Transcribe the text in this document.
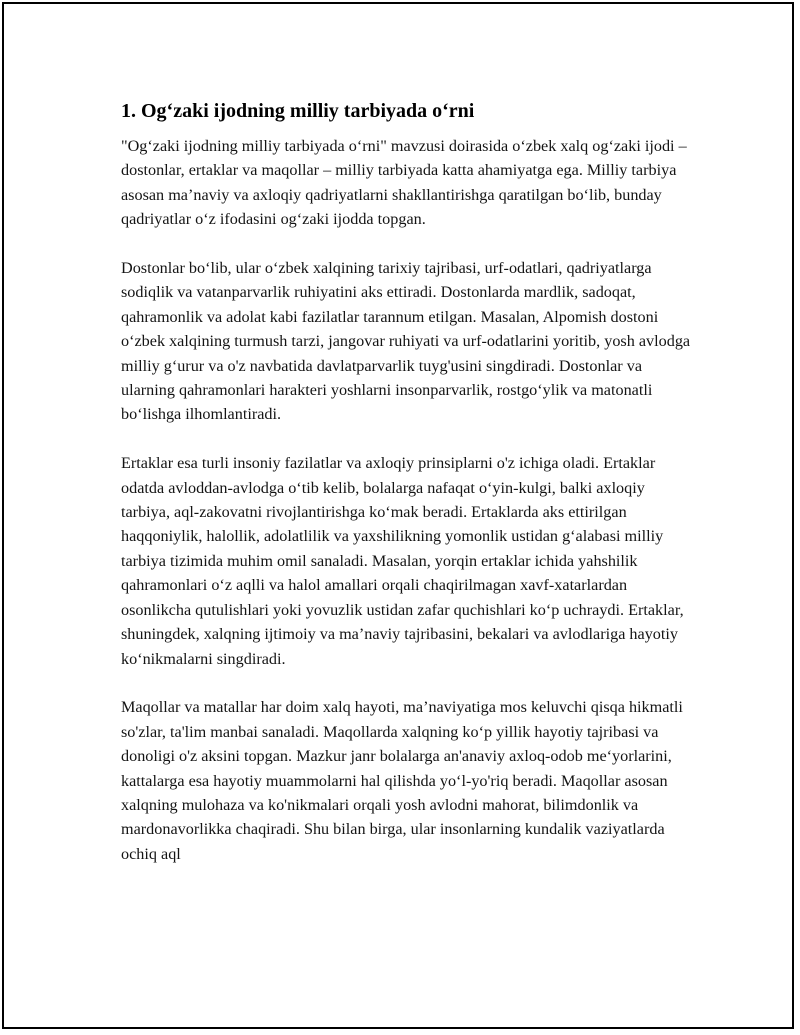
1. Og‘zaki ijodning milliy tarbiyada o‘rni

"Og‘zaki ijodning milliy tarbiyada o‘rni" mavzusi doirasida o‘zbek xalq og‘zaki ijodi – dostonlar, ertaklar va maqollar – milliy tarbiyada katta ahamiyatga ega. Milliy tarbiya asosan ma’naviy va axloqiy qadriyatlarni shakllantirishga qaratilgan bo‘lib, bunday qadriyatlar o‘z ifodasini og‘zaki ijodda topgan.

Dostonlar bo‘lib, ular o‘zbek xalqining tarixiy tajribasi, urf-odatlari, qadriyatlarga sodiqlik va vatanparvarlik ruhiyatini aks ettiradi. Dostonlarda mardlik, sadoqat, qahramonlik va adolat kabi fazilatlar tarannum etilgan. Masalan, Alpomish dostoni o‘zbek xalqining turmush tarzi, jangovar ruhiyati va urf-odatlarini yoritib, yosh avlodga milliy g‘urur va o'z navbatida davlatparvarlik tuyg'usini singdiradi. Dostonlar va ularning qahramonlari harakteri yoshlarni insonparvarlik, rostgo‘ylik va matonatli bo‘lishga ilhomlantiradi.

Ertaklar esa turli insoniy fazilatlar va axloqiy prinsiplarni o'z ichiga oladi. Ertaklar odatda avloddan-avlodga o‘tib kelib, bolalarga nafaqat o‘yin-kulgi, balki axloqiy tarbiya, aql-zakovatni rivojlantirishga ko‘mak beradi. Ertaklarda aks ettirilgan haqqoniylik, halollik, adolatlilik va yaxshilikning yomonlik ustidan g‘alabasi milliy tarbiya tizimida muhim omil sanaladi. Masalan, yorqin ertaklar ichida yahshilik qahramonlari o‘z aqlli va halol amallari orqali chaqirilmagan xavf-xatarlardan osonlikcha qutulishlari yoki yovuzlik ustidan zafar quchishlari ko‘p uchraydi. Ertaklar, shuningdek, xalqning ijtimoiy va ma’naviy tajribasini, bekalari va avlodlariga hayotiy ko‘nikmalarni singdiradi.

Maqollar va matallar har doim xalq hayoti, ma’naviyatiga mos keluvchi qisqa hikmatli so'zlar, ta'lim manbai sanaladi. Maqollarda xalqning ko‘p yillik hayotiy tajribasi va donoligi o'z aksini topgan. Mazkur janr bolalarga an'anaviy axloq-odob me‘yorlarini, kattalarga esa hayotiy muammolarni hal qilishda yo‘l-yo'riq beradi. Maqollar asosan xalqning mulohaza va ko'nikmalari orqali yosh avlodni mahorat, bilimdonlik va mardonavorlikka chaqiradi. Shu bilan birga, ular insonlarning kundalik vaziyatlarda ochiq aql
